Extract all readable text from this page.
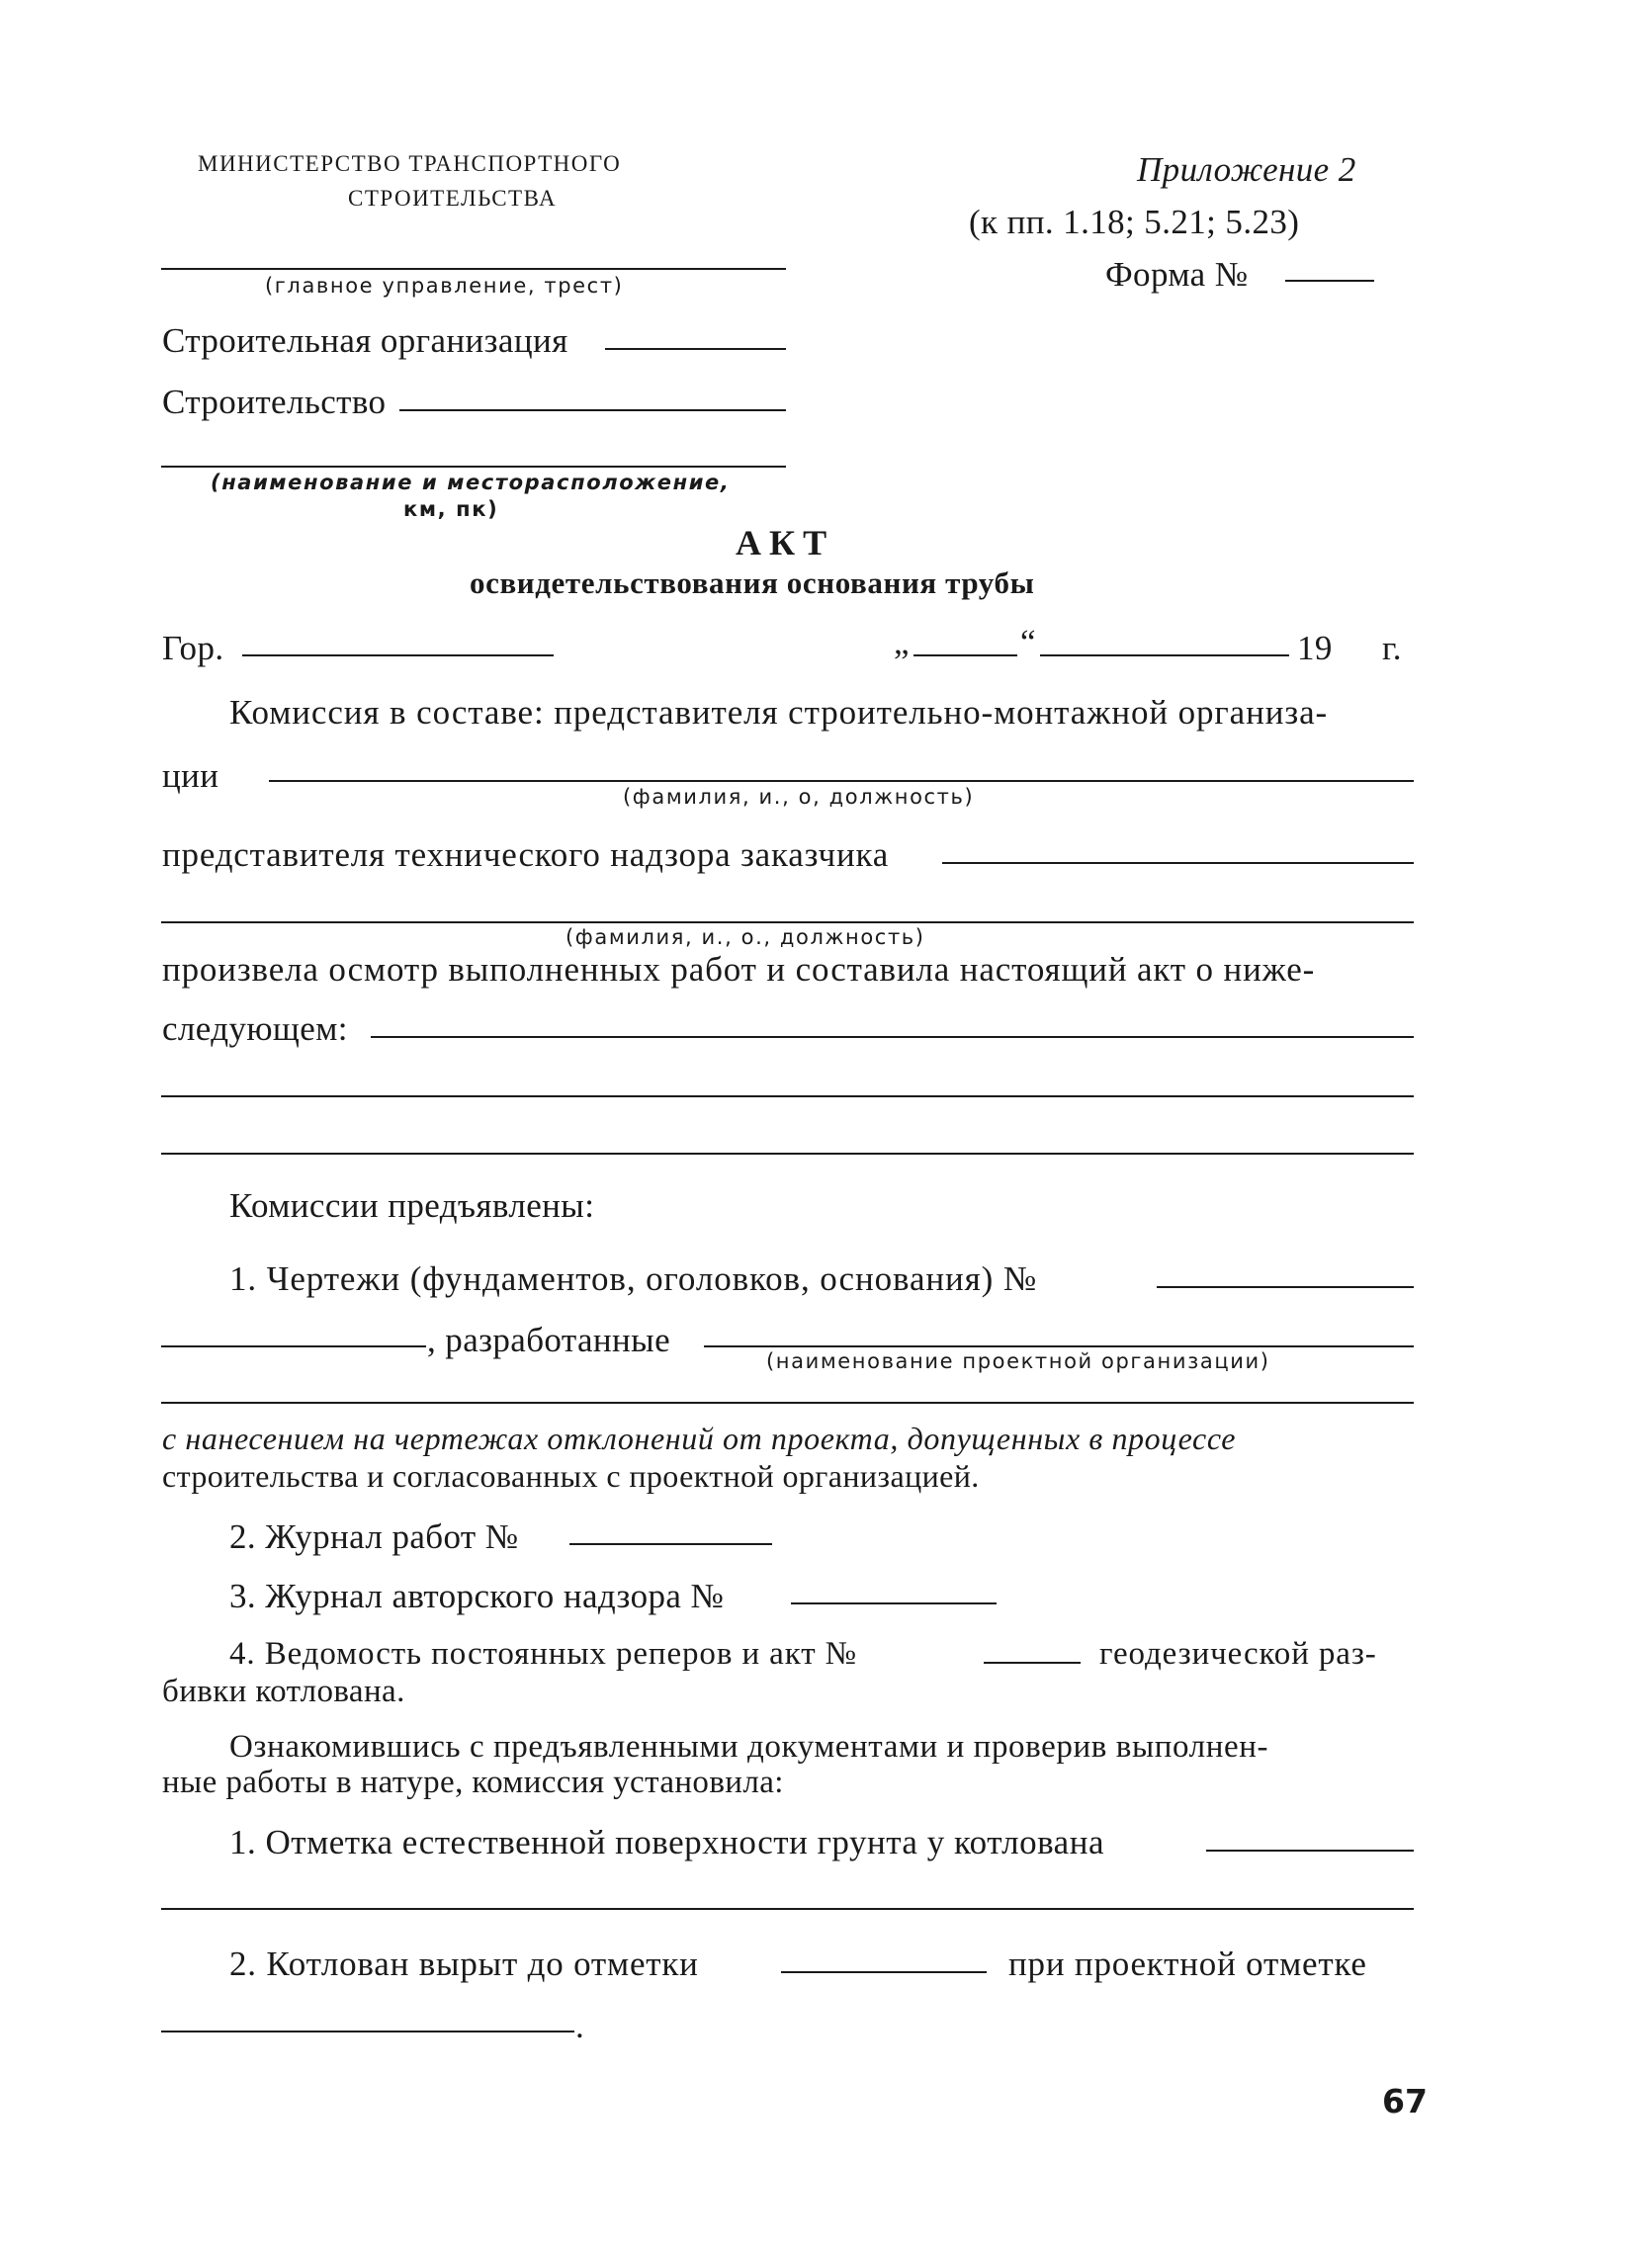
МИНИСТЕРСТВО ТРАНСПОРТНОГО
СТРОИТЕЛЬСТВА
Приложение 2
(к пп. 1.18; 5.21; 5.23)
Форма №
(главное управление, трест)
Строительная организация
Строительство
(наименование и месторасположение,
км, пк)
АКТ
освидетельствования основания трубы
Гор.	„	“	19 г.
Комиссия в составе: представителя строительно-монтажной организа-
ции
(фамилия, и., о, должность)
представителя технического надзора заказчика
(фамилия, и., о., должность)
произвела осмотр выполненных работ и составила настоящий акт о ниже-
следующем:
Комиссии предъявлены:
1. Чертежи (фундаментов, оголовков, основания) №
, разработанные
(наименование проектной организации)
с нанесением на чертежах отклонений от проекта, допущенных в процессе
строительства и согласованных с проектной организацией.
2. Журнал работ №
3. Журнал авторского надзора №
4. Ведомость постоянных реперов и акт №	геодезической раз-
бивки котлована.
Ознакомившись с предъявленными документами и проверив выполнен-
ные работы в натуре, комиссия установила:
1. Отметка естественной поверхности грунта у котлована
2. Котлован вырыт до отметки	при проектной отметке
.
67
